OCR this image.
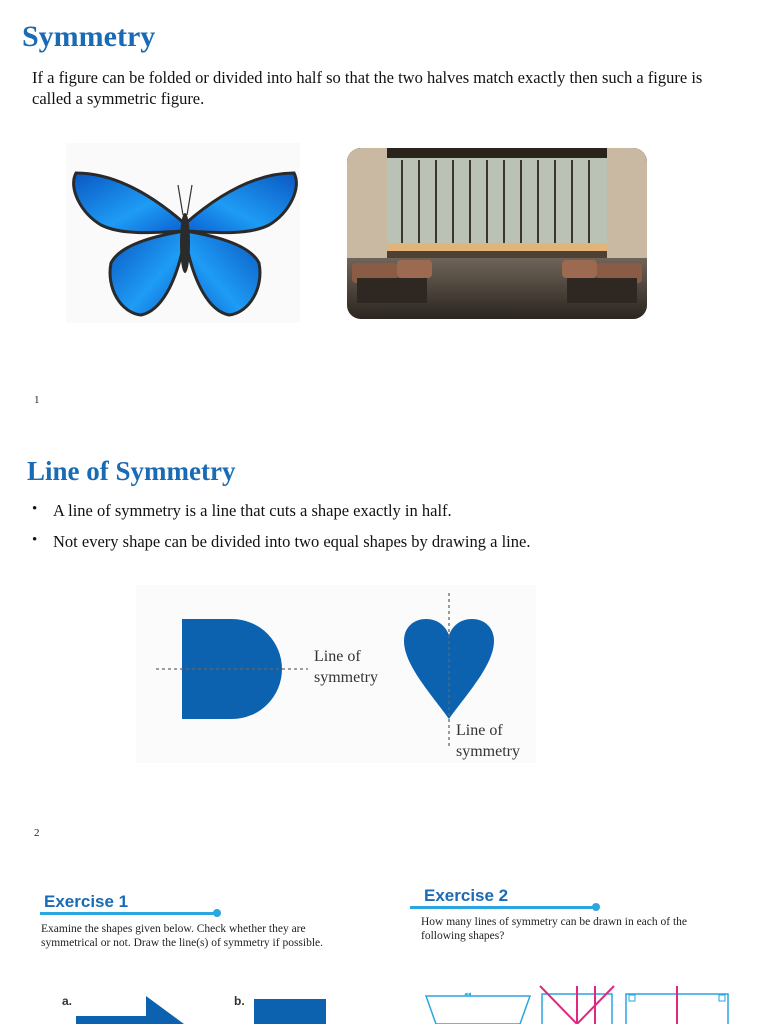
Symmetry
If a figure can be folded or divided into half so that the two halves match exactly then such a figure is called a symmetric figure.
1
Line of Symmetry
• A line of symmetry is a line that cuts a shape exactly in half.
• Not every shape can be divided into two equal shapes by drawing a line.
Line of
symmetry
Line of
symmetry
2
Exercise 1
Examine the shapes given below. Check whether they are
symmetrical or not. Draw the line(s) of symmetry if possible.
a.	b.
Exercise 2
How many lines of symmetry can be drawn in each of the
following shapes?
◂◂
